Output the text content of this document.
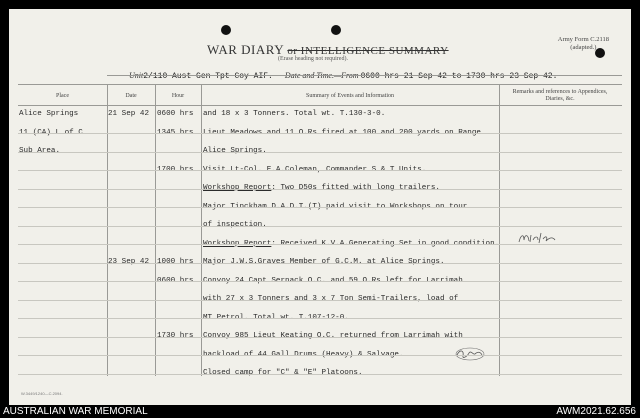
WAR DIARY or INTELLIGENCE SUMMARY
(Erase heading not required).
Army Form C.2118
(adapted.)
Unit2/110 Aust Gen Tpt Coy AIF. Date and Time.—From 0600 hrs 21 Sep 42 to 1730 hrs 23 Sep 42.
Place	Date	Hour	Summary of Events and Information
Remarks and references to Appendices, Diaries, &c.
Alice Springs
11 (CA) L of C
Sub Area.
21 Sep 42 0600 hrs and 18 x 3 Tonners. Total wt. T.130-3-0.
1345 hrs Lieut Meadows and 11 O.Rs fired at 100 and 200 yards on Range
Alice Springs.
1700 hrs Visit Lt-Col. E.A.Coleman, Commander S & T Units.
Workshop Report: Two D50s fitted with long trailers.
Major Tinckham D.A.D.T.(T) paid visit to Workshops on tour
of inspection.
Workshop Report: Received K.V.A.Generating Set in good condition.
23 Sep 42 1000 hrs Major J.W.S.Graves Member of G.C.M. at Alice Springs.
0600 hrs Convoy 24 Capt Sernack O.C. and 59 O.Rs left for Larrimah
with 27 x 3 Tonners and 3 x 7 Ton Semi-Trailers, load of
MT Petrol. Total wt. T.107-12-0.
1730 hrs Convoy 985 Lieut Keating O.C. returned from Larrimah with
backload of 44 Gall Drums (Heavy) & Salvage.
Closed camp for "C" & "E" Platoons.
W.3449/1240—C.2094.
AUSTRALIAN WAR MEMORIAL	AWM2021.62.656
